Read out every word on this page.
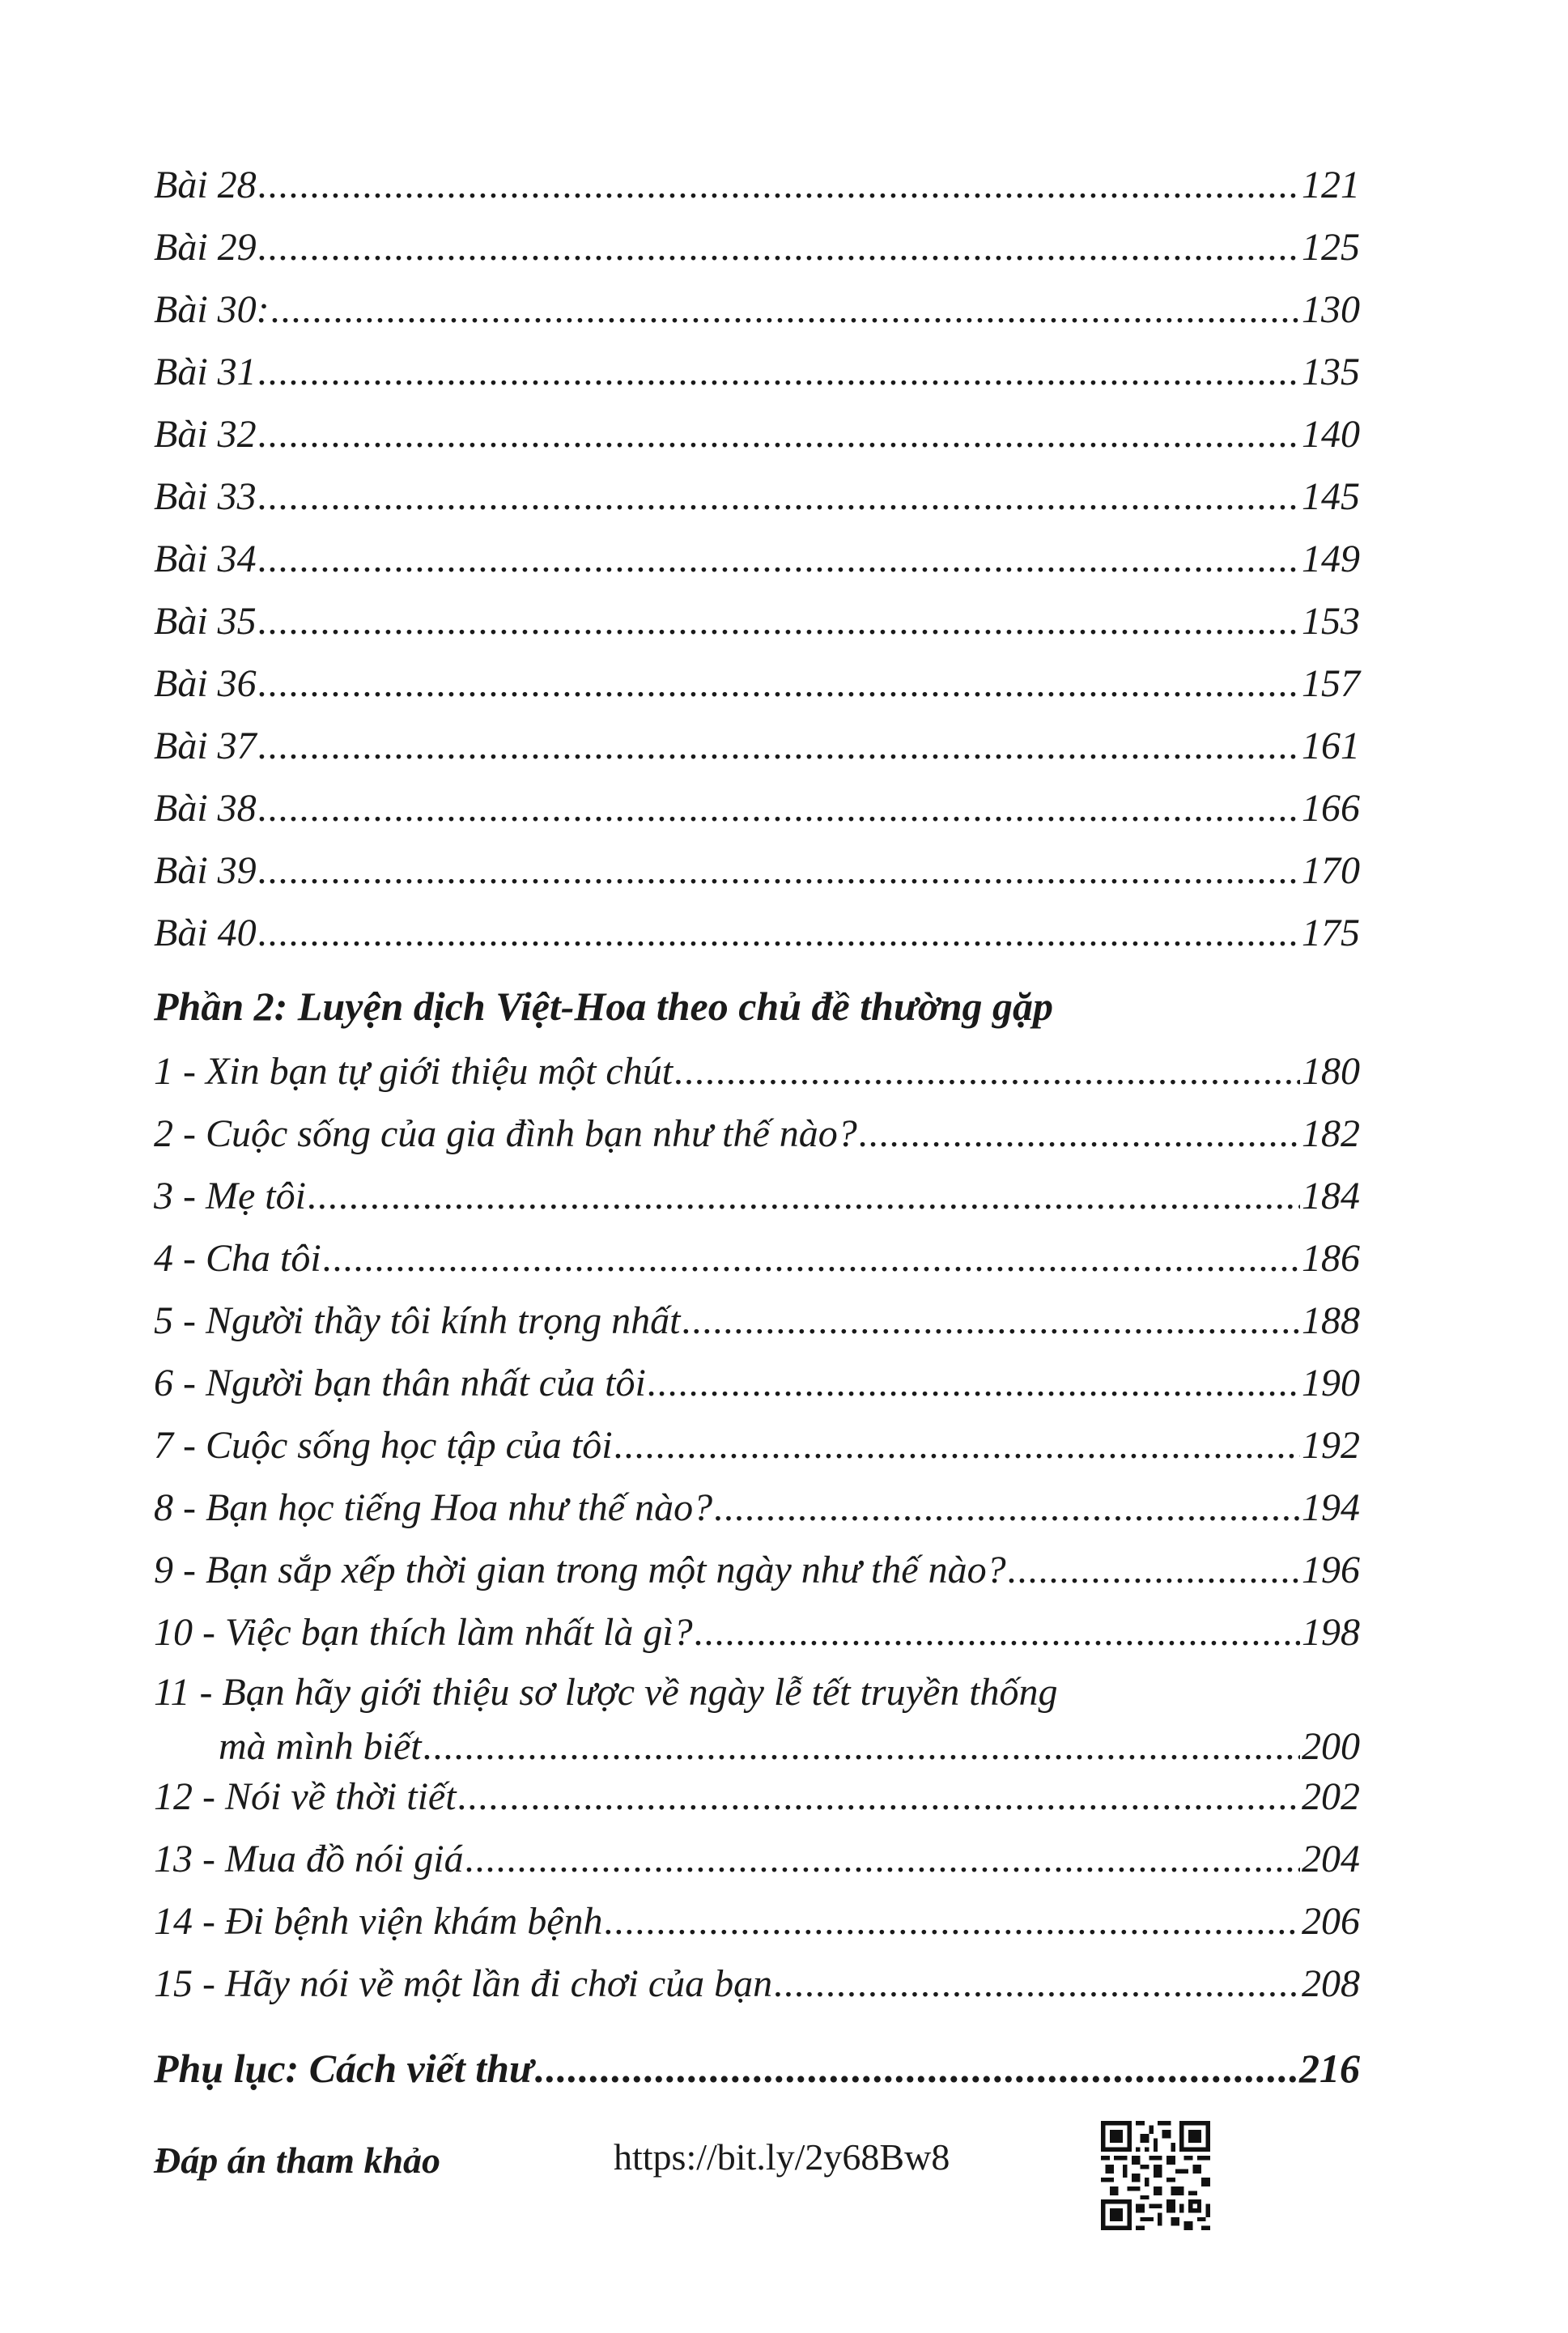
Bài 28 .....	121
Bài 29 .....	125
Bài 30: .....	130
Bài 31 .....	135
Bài 32 .....	140
Bài 33 .....	145
Bài 34 .....	149
Bài 35 .....	153
Bài 36 .....	157
Bài 37 .....	161
Bài 38 .....	166
Bài 39 .....	170
Bài 40 .....	175
Phần 2: Luyện dịch Việt-Hoa theo chủ đề thường gặp
1 - Xin bạn tự giới thiệu một chút .....	180
2 - Cuộc sống của gia đình bạn như thế nào? .....	182
3 - Mẹ tôi .....	184
4 - Cha tôi .....	186
5 - Người thầy tôi kính trọng nhất .....	188
6 - Người bạn thân nhất của tôi .....	190
7 - Cuộc sống học tập của tôi .....	192
8 - Bạn học tiếng Hoa như thế nào? .....	194
9 - Bạn sắp xếp thời gian trong một ngày như thế nào? .....	196
10 - Việc bạn thích làm nhất là gì? .....	198
11 - Bạn hãy giới thiệu sơ lược về ngày lễ tết truyền thống
mà mình biết .....	200
12 - Nói về thời tiết .....	202
13 - Mua đồ nói giá .....	204
14 - Đi bệnh viện khám bệnh .....	206
15 - Hãy nói về một lần đi chơi của bạn .....	208
Phụ lục: Cách viết thư .....	216
Đáp án tham khảo	https://bit.ly/2y68Bw8
